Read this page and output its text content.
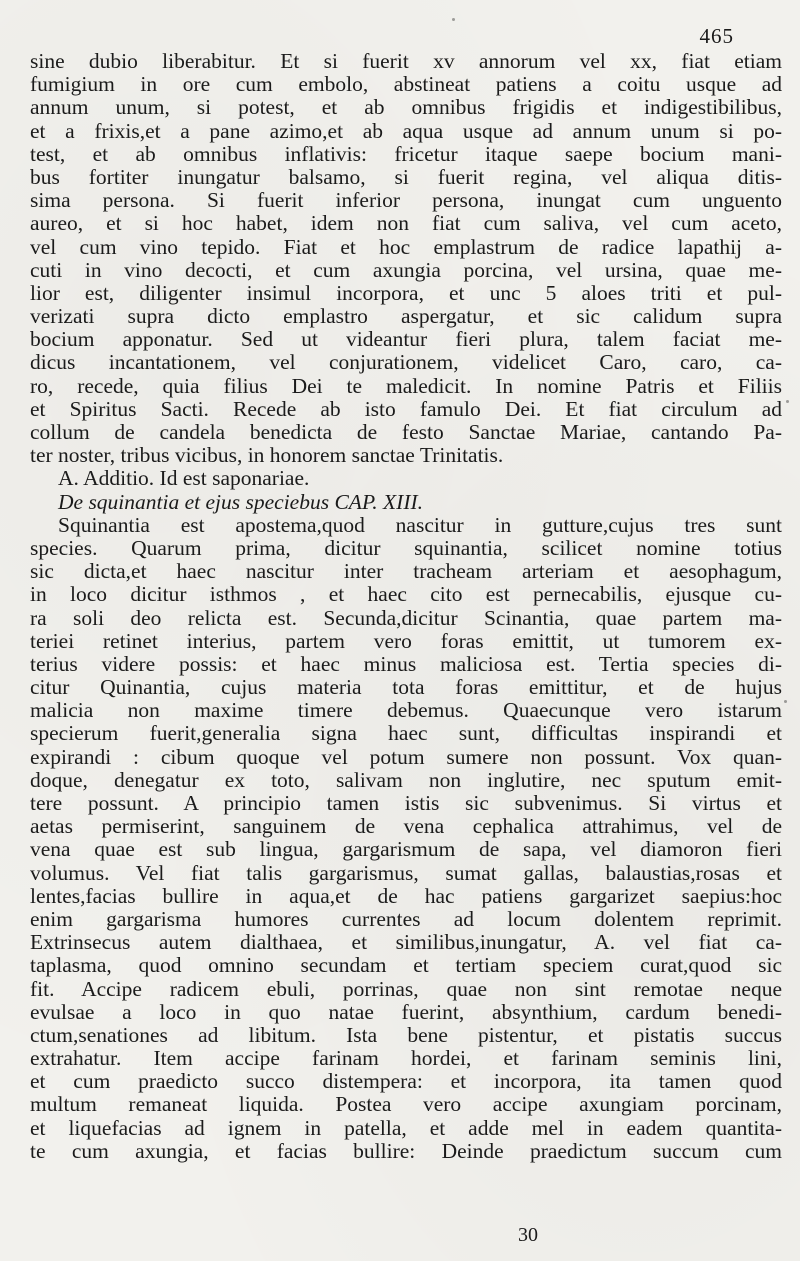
465
sine dubio liberabitur. Et si fuerit xv annorum vel xx, fiat etiam
fumigium in ore cum embolo, abstineat patiens a coitu usque ad
annum unum, si potest, et ab omnibus frigidis et indigestibilibus,
et a frixis,et a pane azimo,et ab aqua usque ad annum unum si po-
test, et ab omnibus inflativis: fricetur itaque saepe bocium mani-
bus fortiter inungatur balsamo, si fuerit regina, vel aliqua ditis-
sima persona. Si fuerit inferior persona, inungat cum unguento
aureo, et si hoc habet, idem non fiat cum saliva, vel cum aceto,
vel cum vino tepido. Fiat et hoc emplastrum de radice lapathij a-
cuti in vino decocti, et cum axungia porcina, vel ursina, quae me-
lior est, diligenter insimul incorpora, et unc 5 aloes triti et pul-
verizati supra dicto emplastro aspergatur, et sic calidum supra
bocium apponatur. Sed ut videantur fieri plura, talem faciat me-
dicus incantationem, vel conjurationem, videlicet Caro, caro, ca-
ro, recede, quia filius Dei te maledicit. In nomine Patris et Filiis
et Spiritus Sacti. Recede ab isto famulo Dei. Et fiat circulum ad
collum de candela benedicta de festo Sanctae Mariae, cantando Pa-
ter noster, tribus vicibus, in honorem sanctae Trinitatis.
A. Additio. Id est saponariae.
De squinantia et ejus speciebus CAP. XIII.
Squinantia est apostema,quod nascitur in gutture,cujus tres sunt
species. Quarum prima, dicitur squinantia, scilicet nomine totius
sic dicta,et haec nascitur inter tracheam arteriam et aesophagum,
in loco dicitur isthmos , et haec cito est pernecabilis, ejusque cu-
ra soli deo relicta est. Secunda,dicitur Scinantia, quae partem ma-
teriei retinet interius, partem vero foras emittit, ut tumorem ex-
terius videre possis: et haec minus maliciosa est. Tertia species di-
citur Quinantia, cujus materia tota foras emittitur, et de hujus
malicia non maxime timere debemus. Quaecunque vero istarum
specierum fuerit,generalia signa haec sunt, difficultas inspirandi et
expirandi : cibum quoque vel potum sumere non possunt. Vox quan-
doque, denegatur ex toto, salivam non inglutire, nec sputum emit-
tere possunt. A principio tamen istis sic subvenimus. Si virtus et
aetas permiserint, sanguinem de vena cephalica attrahimus, vel de
vena quae est sub lingua, gargarismum de sapa, vel diamoron fieri
volumus. Vel fiat talis gargarismus, sumat gallas, balaustias,rosas et
lentes,facias bullire in aqua,et de hac patiens gargarizet saepius:hoc
enim gargarisma humores currentes ad locum dolentem reprimit.
Extrinsecus autem dialthaea, et similibus,inungatur, A. vel fiat ca-
taplasma, quod omnino secundam et tertiam speciem curat,quod sic
fit. Accipe radicem ebuli, porrinas, quae non sint remotae neque
evulsae a loco in quo natae fuerint, absynthium, cardum benedi-
ctum,senationes ad libitum. Ista bene pistentur, et pistatis succus
extrahatur. Item accipe farinam hordei, et farinam seminis lini,
et cum praedicto succo distempera: et incorpora, ita tamen quod
multum remaneat liquida. Postea vero accipe axungiam porcinam,
et liquefacias ad ignem in patella, et adde mel in eadem quantita-
te cum axungia, et facias bullire: Deinde praedictum succum cum
30
